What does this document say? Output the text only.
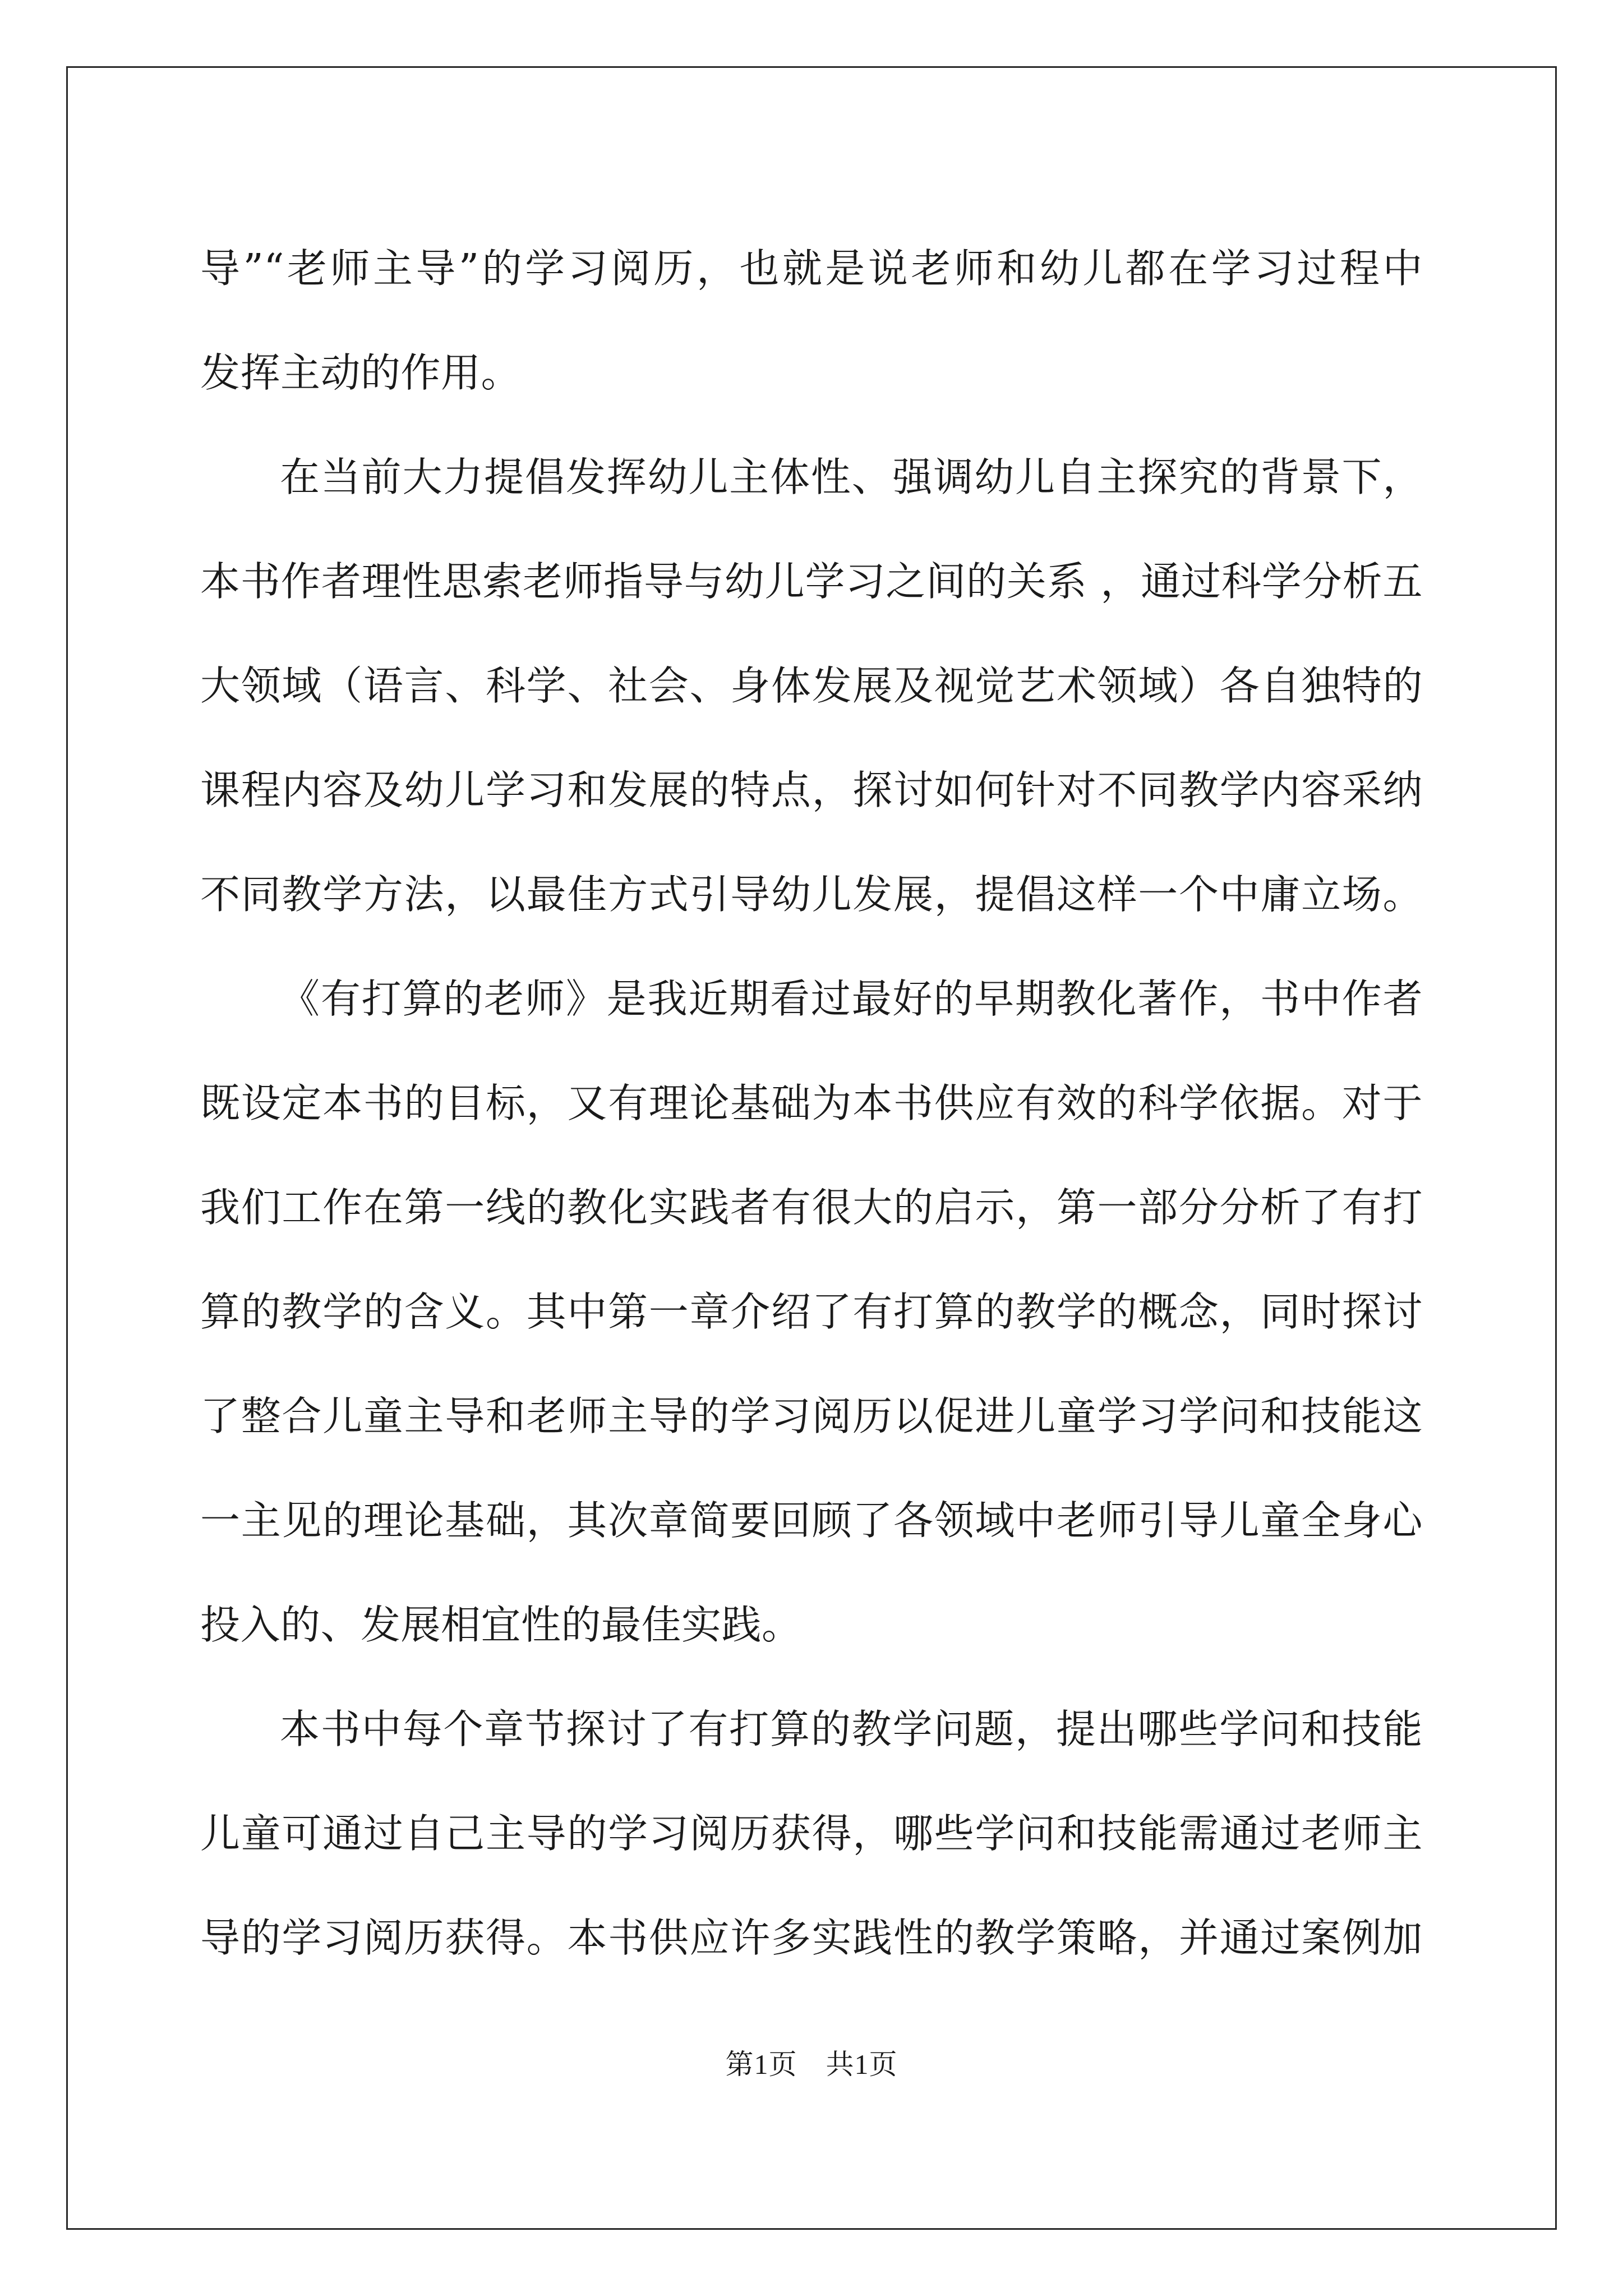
导”“老师主导”的学习阅历，也就是说老师和幼儿都在学习过程中
发挥主动的作用。
在当前大力提倡发挥幼儿主体性、强调幼儿自主探究的背景下，
本书作者理性思索老师指导与幼儿学习之间的关系 ，通过科学分析五
大领域（语言、科学、社会、身体发展及视觉艺术领域）各自独特的
课程内容及幼儿学习和发展的特点，探讨如何针对不同教学内容采纳
不同教学方法，以最佳方式引导幼儿发展，提倡这样一个中庸立场。
《有打算的老师》是我近期看过最好的早期教化著作，书中作者
既设定本书的目标，又有理论基础为本书供应有效的科学依据。对于
我们工作在第一线的教化实践者有很大的启示，第一部分分析了有打
算的教学的含义。其中第一章介绍了有打算的教学的概念，同时探讨
了整合儿童主导和老师主导的学习阅历以促进儿童学习学问和技能这
一主见的理论基础，其次章简要回顾了各领域中老师引导儿童全身心
投入的、发展相宜性的最佳实践。
本书中每个章节探讨了有打算的教学问题，提出哪些学问和技能
儿童可通过自己主导的学习阅历获得，哪些学问和技能需通过老师主
导的学习阅历获得。本书供应许多实践性的教学策略，并通过案例加
第1页　共1页
